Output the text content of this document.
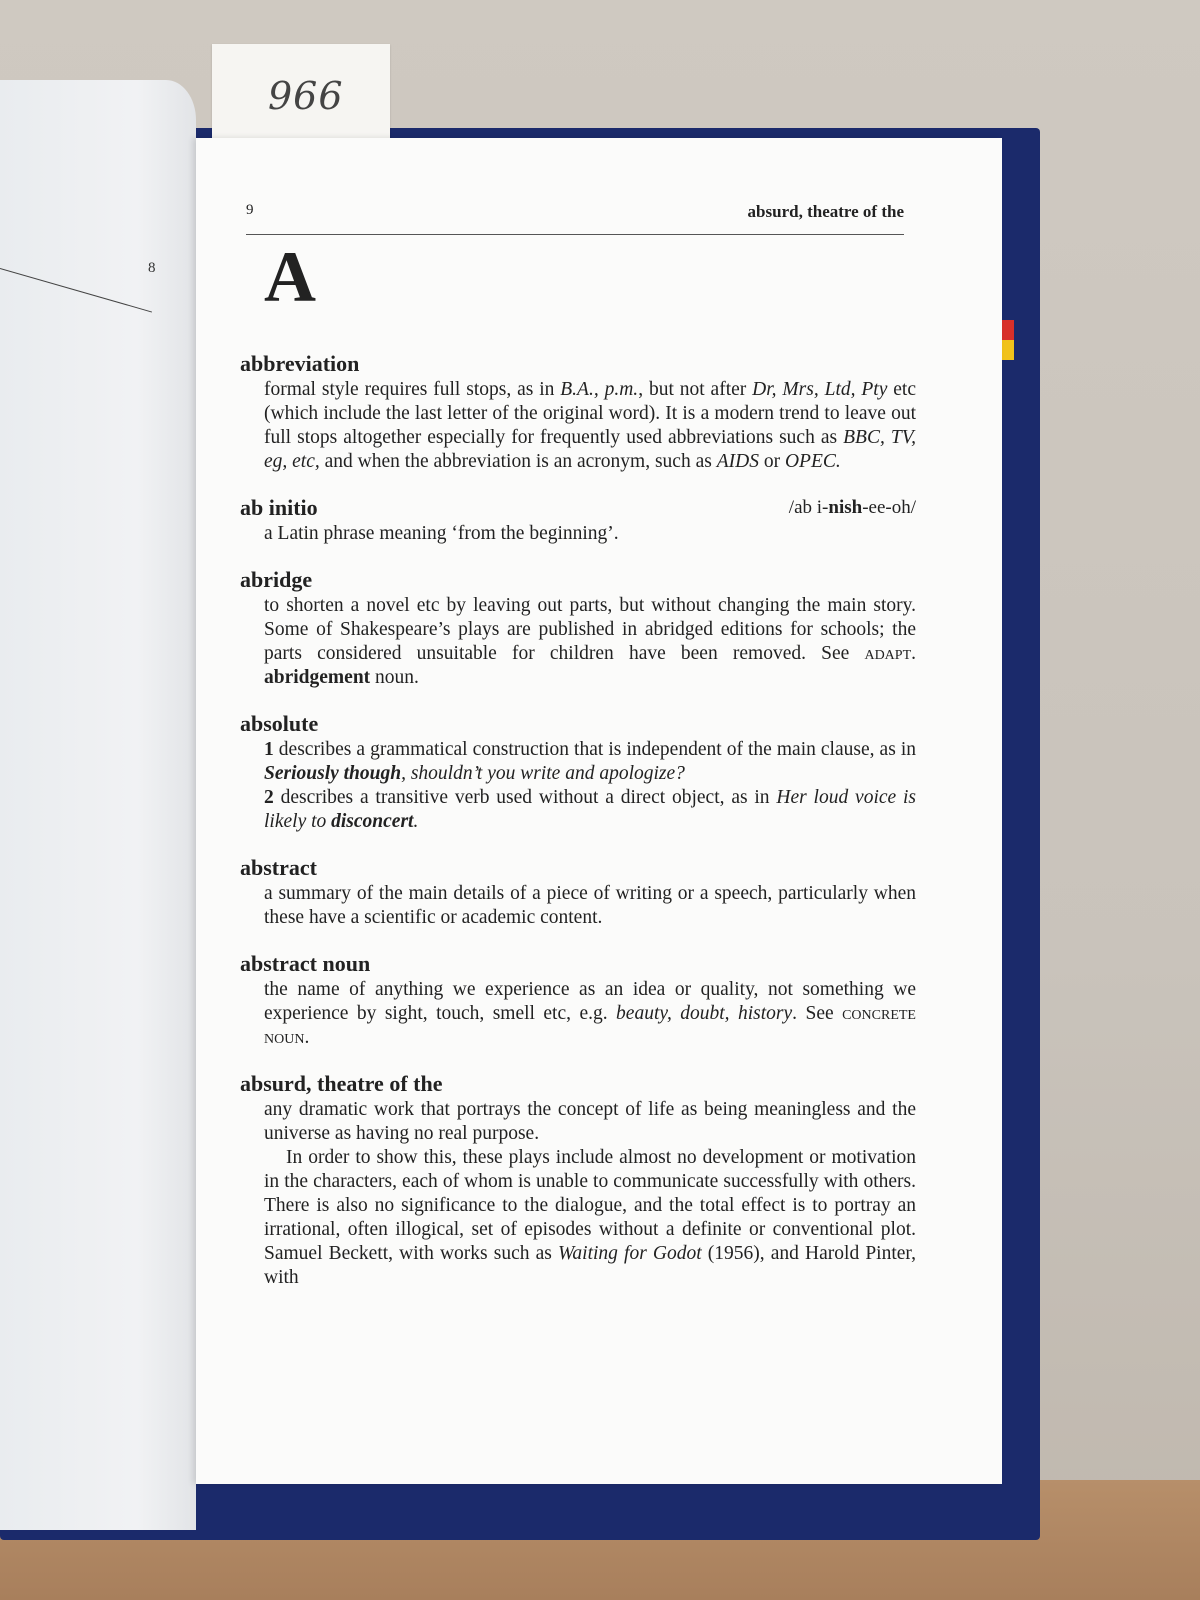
8
966
9	absurd, theatre of the
A
abbreviation

formal style requires full stops, as in B.A., p.m., but not after Dr, Mrs, Ltd, Pty etc (which include the last letter of the original word). It is a modern trend to leave out full stops altogether especially for frequently used abbreviations such as BBC, TV, eg, etc, and when the abbreviation is an acronym, such as AIDS or OPEC.

ab initio	/ab i-nish-ee-oh/

a Latin phrase meaning ‘from the beginning’.

abridge

to shorten a novel etc by leaving out parts, but without changing the main story. Some of Shakespeare’s plays are published in abridged editions for schools; the parts considered unsuitable for children have been removed. See adapt. abridgement noun.

absolute

1 describes a grammatical construction that is independent of the main clause, as in Seriously though, shouldn’t you write and apologize?
2 describes a transitive verb used without a direct object, as in Her loud voice is likely to disconcert.

abstract

a summary of the main details of a piece of writing or a speech, particularly when these have a scientific or academic content.

abstract noun

the name of anything we experience as an idea or quality, not something we experience by sight, touch, smell etc, e.g. beauty, doubt, history. See concrete noun.

absurd, theatre of the

any dramatic work that portrays the concept of life as being meaningless and the universe as having no real purpose.

In order to show this, these plays include almost no development or motivation in the characters, each of whom is unable to communicate successfully with others. There is also no significance to the dialogue, and the total effect is to portray an irrational, often illogical, set of episodes without a definite or conventional plot. Samuel Beckett, with works such as Waiting for Godot (1956), and Harold Pinter, with
